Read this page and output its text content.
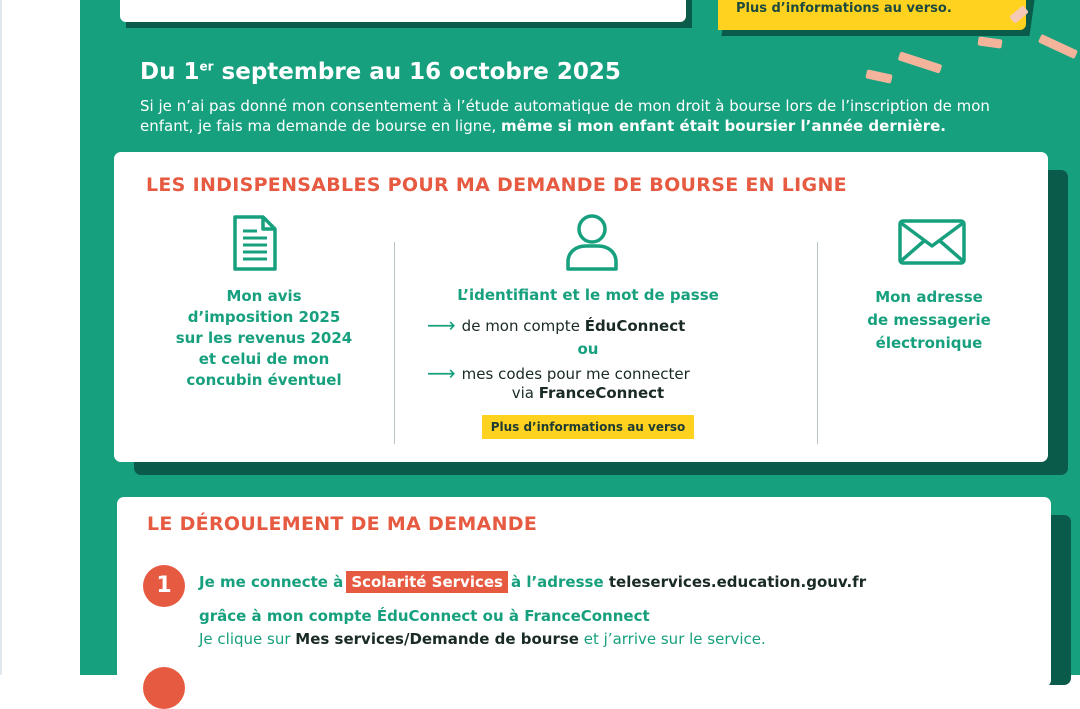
Plus d’informations au verso.
Du 1er septembre au 16 octobre 2025
Si je n’ai pas donné mon consentement à l’étude automatique de mon droit à bourse lors de l’inscription de mon enfant, je fais ma demande de bourse en ligne, même si mon enfant était boursier l’année dernière.
LES INDISPENSABLES POUR MA DEMANDE DE BOURSE EN LIGNE
Mon avis
d’imposition 2025
sur les revenus 2024
et celui de mon
concubin éventuel
L’identifiant et le mot de passe
⟶ de mon compte ÉduConnect
ou
⟶ mes codes pour me connecter
via FranceConnect
Plus d’informations au verso
Mon adresse
de messagerie
électronique
LE DÉROULEMENT DE MA DEMANDE
1	Je me connecte à Scolarité Services à l’adresse teleservices.education.gouv.fr
grâce à mon compte ÉduConnect ou à FranceConnect
Je clique sur Mes services/Demande de bourse et j’arrive sur le service.
